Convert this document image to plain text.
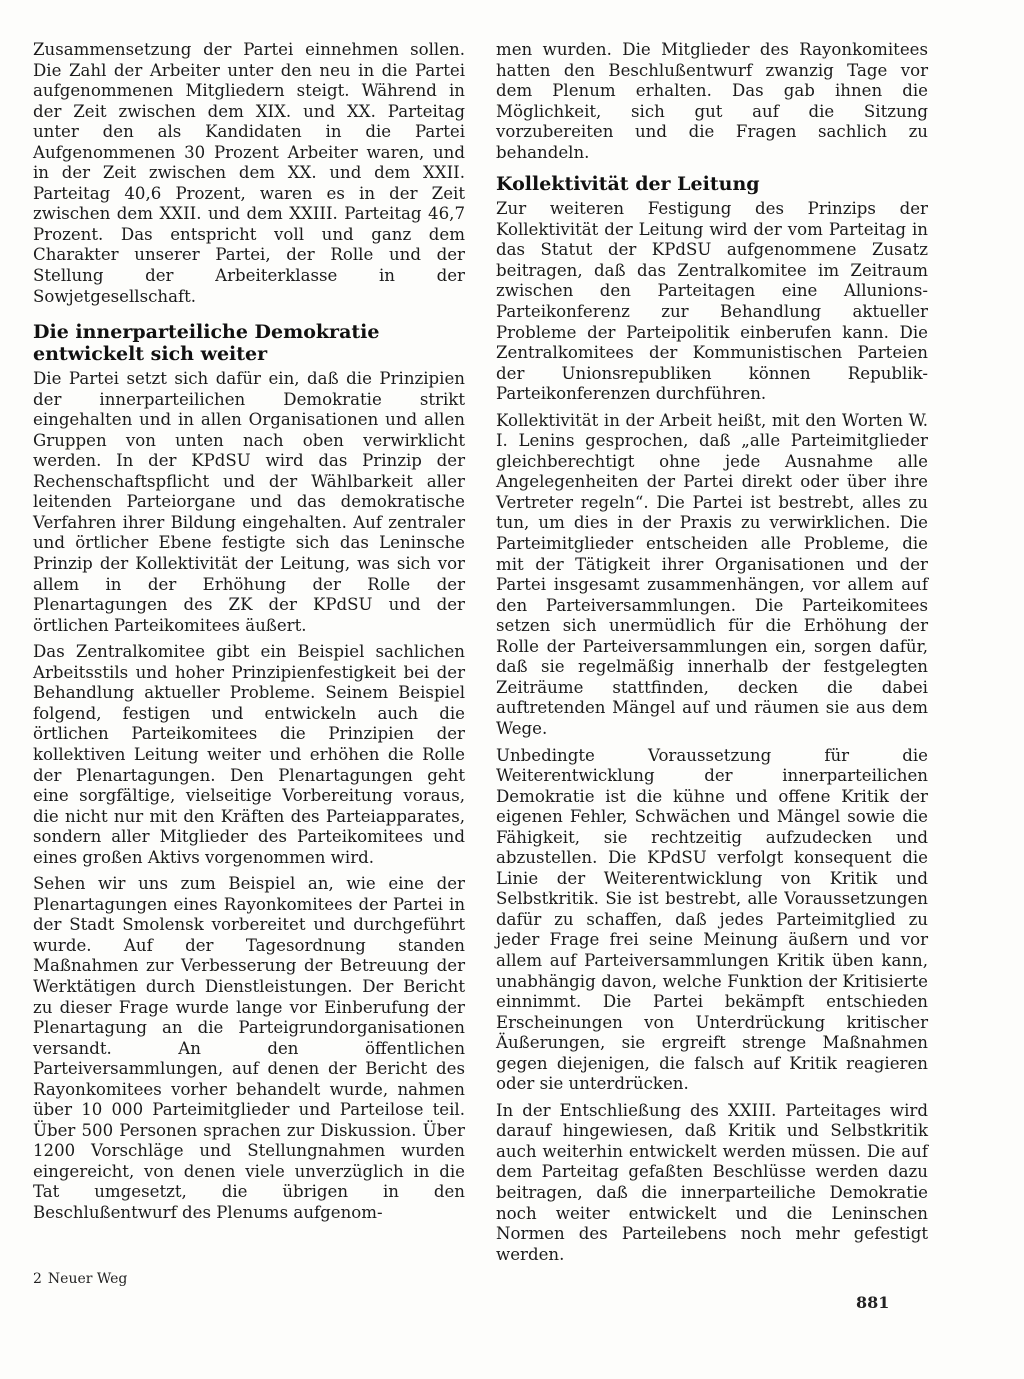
Zusammensetzung der Partei einnehmen sollen. Die Zahl der Arbeiter unter den neu in die Partei aufgenommenen Mitgliedern steigt. Während in der Zeit zwischen dem XIX. und XX. Parteitag unter den als Kandidaten in die Partei Aufgenommenen 30 Prozent Arbeiter waren, und in der Zeit zwischen dem XX. und dem XXII. Parteitag 40,6 Prozent, waren es in der Zeit zwischen dem XXII. und dem XXIII. Parteitag 46,7 Prozent. Das entspricht voll und ganz dem Charakter unserer Partei, der Rolle und der Stellung der Arbeiterklasse in der Sowjetgesellschaft.

Die innerparteiliche Demokratie entwickelt sich weiter

Die Partei setzt sich dafür ein, daß die Prinzipien der innerparteilichen Demokratie strikt eingehalten und in allen Organisationen und allen Gruppen von unten nach oben verwirklicht werden. In der KPdSU wird das Prinzip der Rechenschaftspflicht und der Wählbarkeit aller leitenden Parteiorgane und das demokratische Verfahren ihrer Bildung eingehalten. Auf zentraler und örtlicher Ebene festigte sich das Leninsche Prinzip der Kollektivität der Leitung, was sich vor allem in der Erhöhung der Rolle der Plenartagungen des ZK der KPdSU und der örtlichen Parteikomitees äußert.

Das Zentralkomitee gibt ein Beispiel sachlichen Arbeitsstils und hoher Prinzipienfestigkeit bei der Behandlung aktueller Probleme. Seinem Beispiel folgend, festigen und entwickeln auch die örtlichen Parteikomitees die Prinzipien der kollektiven Leitung weiter und erhöhen die Rolle der Plenartagungen. Den Plenartagungen geht eine sorgfältige, vielseitige Vorbereitung voraus, die nicht nur mit den Kräften des Parteiapparates, sondern aller Mitglieder des Parteikomitees und eines großen Aktivs vorgenommen wird.

Sehen wir uns zum Beispiel an, wie eine der Plenartagungen eines Rayonkomitees der Partei in der Stadt Smolensk vorbereitet und durchgeführt wurde. Auf der Tagesordnung standen Maßnahmen zur Verbesserung der Betreuung der Werktätigen durch Dienstleistungen. Der Bericht zu dieser Frage wurde lange vor Einberufung der Plenartagung an die Parteigrundorganisationen versandt. An den öffentlichen Parteiversammlungen, auf denen der Bericht des Rayonkomitees vorher behandelt wurde, nahmen über 10 000 Parteimitglieder und Parteilose teil. Über 500 Personen sprachen zur Diskussion. Über 1200 Vorschläge und Stellungnahmen wurden eingereicht, von denen viele unverzüglich in die Tat umgesetzt, die übrigen in den Beschlußentwurf des Plenums aufgenom-

men wurden. Die Mitglieder des Rayonkomitees hatten den Beschlußentwurf zwanzig Tage vor dem Plenum erhalten. Das gab ihnen die Möglichkeit, sich gut auf die Sitzung vorzubereiten und die Fragen sachlich zu behandeln.

Kollektivität der Leitung

Zur weiteren Festigung des Prinzips der Kollektivität der Leitung wird der vom Parteitag in das Statut der KPdSU aufgenommene Zusatz beitragen, daß das Zentralkomitee im Zeitraum zwischen den Parteitagen eine Allunions-Parteikonferenz zur Behandlung aktueller Probleme der Parteipolitik einberufen kann. Die Zentralkomitees der Kommunistischen Parteien der Unionsrepubliken können Republik-Parteikonferenzen durchführen.

Kollektivität in der Arbeit heißt, mit den Worten W. I. Lenins gesprochen, daß „alle Parteimitglieder gleichberechtigt ohne jede Ausnahme alle Angelegenheiten der Partei direkt oder über ihre Vertreter regeln“. Die Partei ist bestrebt, alles zu tun, um dies in der Praxis zu verwirklichen. Die Parteimitglieder entscheiden alle Probleme, die mit der Tätigkeit ihrer Organisationen und der Partei insgesamt zusammenhängen, vor allem auf den Parteiversammlungen. Die Parteikomitees setzen sich unermüdlich für die Erhöhung der Rolle der Parteiversammlungen ein, sorgen dafür, daß sie regelmäßig innerhalb der festgelegten Zeiträume stattfinden, decken die dabei auftretenden Mängel auf und räumen sie aus dem Wege.

Unbedingte Voraussetzung für die Weiterentwicklung der innerparteilichen Demokratie ist die kühne und offene Kritik der eigenen Fehler, Schwächen und Mängel sowie die Fähigkeit, sie rechtzeitig aufzudecken und abzustellen. Die KPdSU verfolgt konsequent die Linie der Weiterentwicklung von Kritik und Selbstkritik. Sie ist bestrebt, alle Voraussetzungen dafür zu schaffen, daß jedes Parteimitglied zu jeder Frage frei seine Meinung äußern und vor allem auf Parteiversammlungen Kritik üben kann, unabhängig davon, welche Funktion der Kritisierte einnimmt. Die Partei bekämpft entschieden Erscheinungen von Unterdrückung kritischer Äußerungen, sie ergreift strenge Maßnahmen gegen diejenigen, die falsch auf Kritik reagieren oder sie unterdrücken.

In der Entschließung des XXIII. Parteitages wird darauf hingewiesen, daß Kritik und Selbstkritik auch weiterhin entwickelt werden müssen. Die auf dem Parteitag gefaßten Beschlüsse werden dazu beitragen, daß die innerparteiliche Demokratie noch weiter entwickelt und die Leninschen Normen des Parteilebens noch mehr gefestigt werden.

2 Neuer Weg
881
